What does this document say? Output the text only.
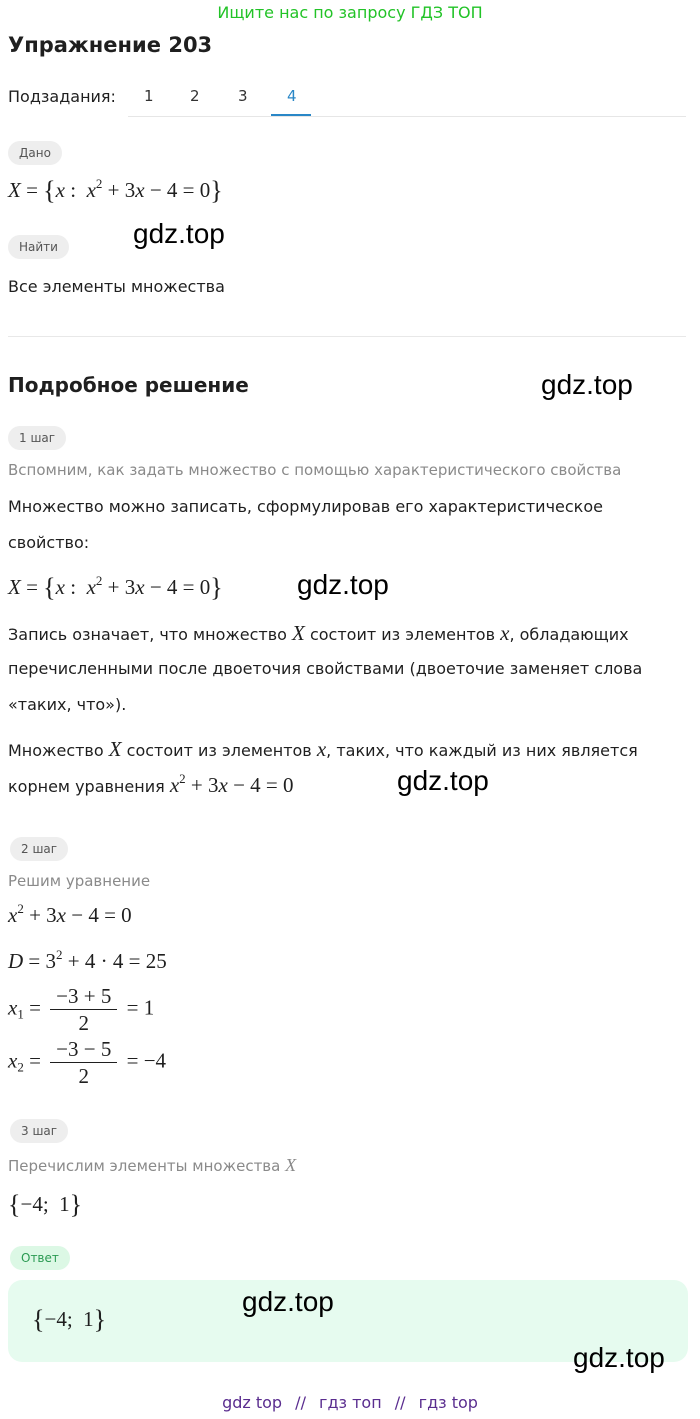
Ищите нас по запросу ГДЗ ТОП
Упражнение 203
Подзадания: 1 2	3	4
Дано
X = {x :  $x^2 + 3x - 4 = 0$}
Найти	gdz.top
Все элементы множества
Подробное решение	gdz.top
1 шаг
Вспомним, как задать множество с помощью характеристического свойства
Множество можно записать, сформулировав его характеристическое
свойство:
X = {x :  $x^2 + 3x - 4 = 0$}	gdz.top
Запись означает, что множество X состоит из элементов x, обладающих
перечисленными после двоеточия свойствами (двоеточие заменяет слова
«таких, что»).
Множество X состоит из элементов x, таких, что каждый из них является
корнем уравнения $x^2 + 3x - 4 = 0$	gdz.top
2 шаг
Решим уравнение
$x^2 + 3x - 4 = 0$
$D = 3^2 + 4 \cdot 4 = 25$
$x_1 = \frac{-3 + 5}{2} = 1$
$x_2 = \frac{-3 - 5}{2} = -4$
3 шаг
Перечислим элементы множества X
{−4;  1}
Ответ
{−4;  1}
gdz.top
gdz.top
gdz top // гдз топ // гдз top
